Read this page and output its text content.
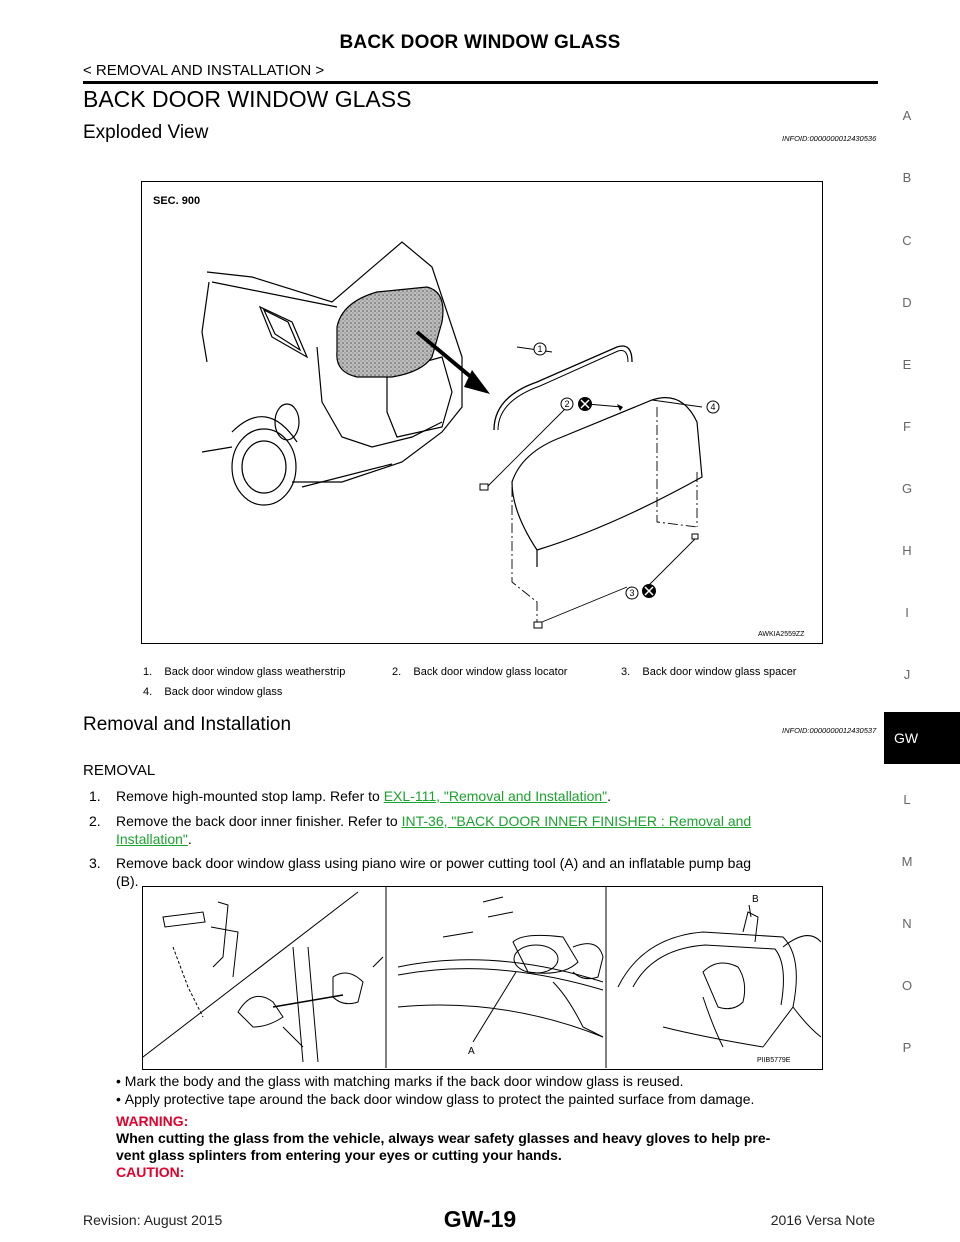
BACK DOOR WINDOW GLASS
< REMOVAL AND INSTALLATION >
BACK DOOR WINDOW GLASS
Exploded View	INFOID:0000000012430536
SEC. 900
1
2
3
4
AWKIA2559ZZ
1.    Back door window glass weatherstrip	2.    Back door window glass locator	3.    Back door window glass spacer
4.    Back door window glass
Removal and Installation	INFOID:0000000012430537
REMOVAL
1. Remove high-mounted stop lamp. Refer to EXL-111, "Removal and Installation".
2. Remove the back door inner finisher. Refer to INT-36, "BACK DOOR INNER FINISHER : Removal and
Installation".
3. Remove back door window glass using piano wire or power cutting tool (A) and an inflatable pump bag
(B).
A
B
PIIB5779E
• Mark the body and the glass with matching marks if the back door window glass is reused.
• Apply protective tape around the back door window glass to protect the painted surface from damage.
WARNING:
When cutting the glass from the vehicle, always wear safety glasses and heavy gloves to help pre-
vent glass splinters from entering your eyes or cutting your hands.
CAUTION:
A
B
C
D
E
F
G
H
I
J
GW
L
M
N
O
P
Revision: August 2015	GW-19	2016 Versa Note
